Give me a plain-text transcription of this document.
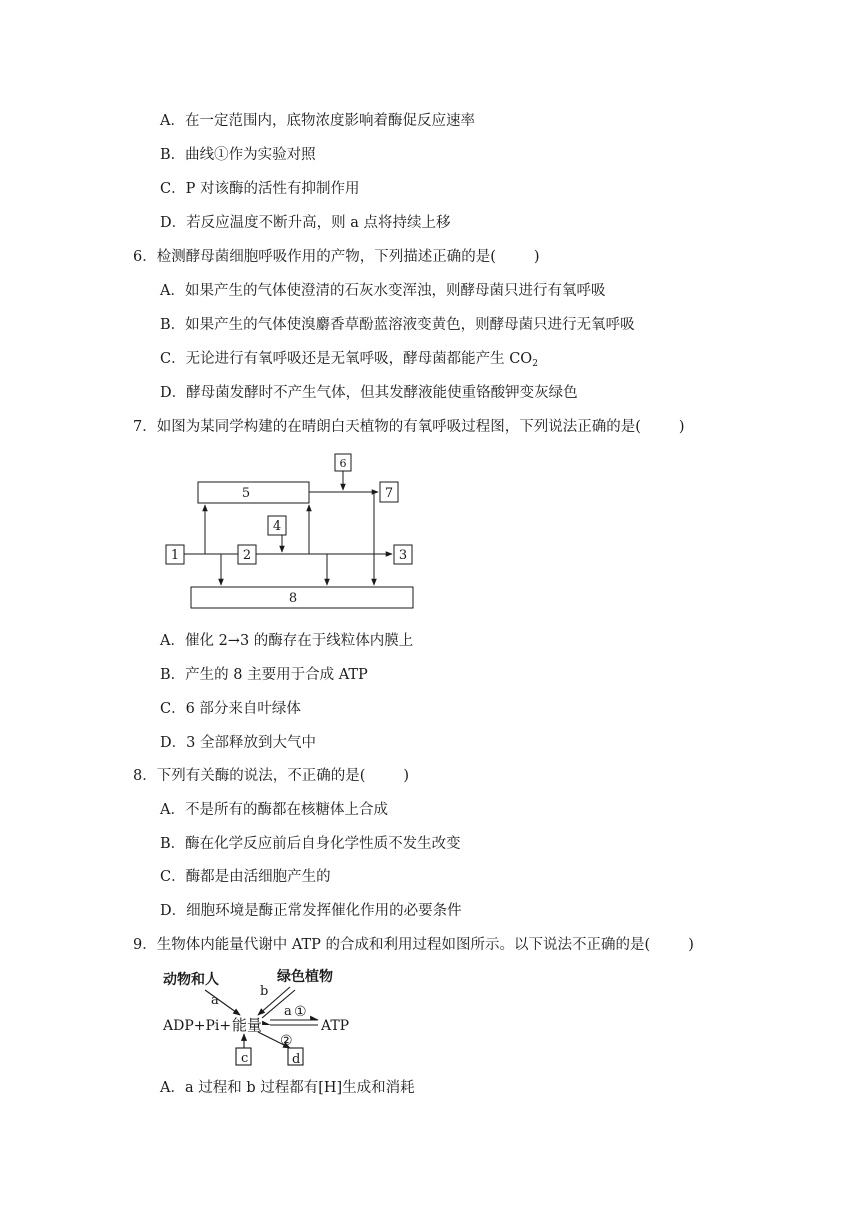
A．在一定范围内，底物浓度影响着酶促反应速率
B．曲线①作为实验对照
C．P 对该酶的活性有抑制作用
D．若反应温度不断升高，则 a 点将持续上移
6．检测酵母菌细胞呼吸作用的产物，下列描述正确的是(	)
A．如果产生的气体使澄清的石灰水变浑浊，则酵母菌只进行有氧呼吸
B．如果产生的气体使溴麝香草酚蓝溶液变黄色，则酵母菌只进行无氧呼吸
C．无论进行有氧呼吸还是无氧呼吸，酵母菌都能产生 $CO_2$
D．酵母菌发酵时不产生气体，但其发酵液能使重铬酸钾变灰绿色
7．如图为某同学构建的在晴朗白天植物的有氧呼吸过程图，下列说法正确的是(	)
1	2	3
4
5
6
7
8
A．催化 2→3 的酶存在于线粒体内膜上
B．产生的 8 主要用于合成 ATP
C．6 部分来自叶绿体
D．3 全部释放到大气中
8．下列有关酶的说法，不正确的是(	)
A．不是所有的酶都在核糖体上合成
B．酶在化学反应前后自身化学性质不发生改变
C．酶都是由活细胞产生的
D．细胞环境是酶正常发挥催化作用的必要条件
9．生物体内能量代谢中 ATP 的合成和利用过程如图所示。以下说法不正确的是(	)
动物和人	绿色植物
a
b
a ①
②
ADP+Pi+ 能量	ATP
c	d
A．a 过程和 b 过程都有[H]生成和消耗
